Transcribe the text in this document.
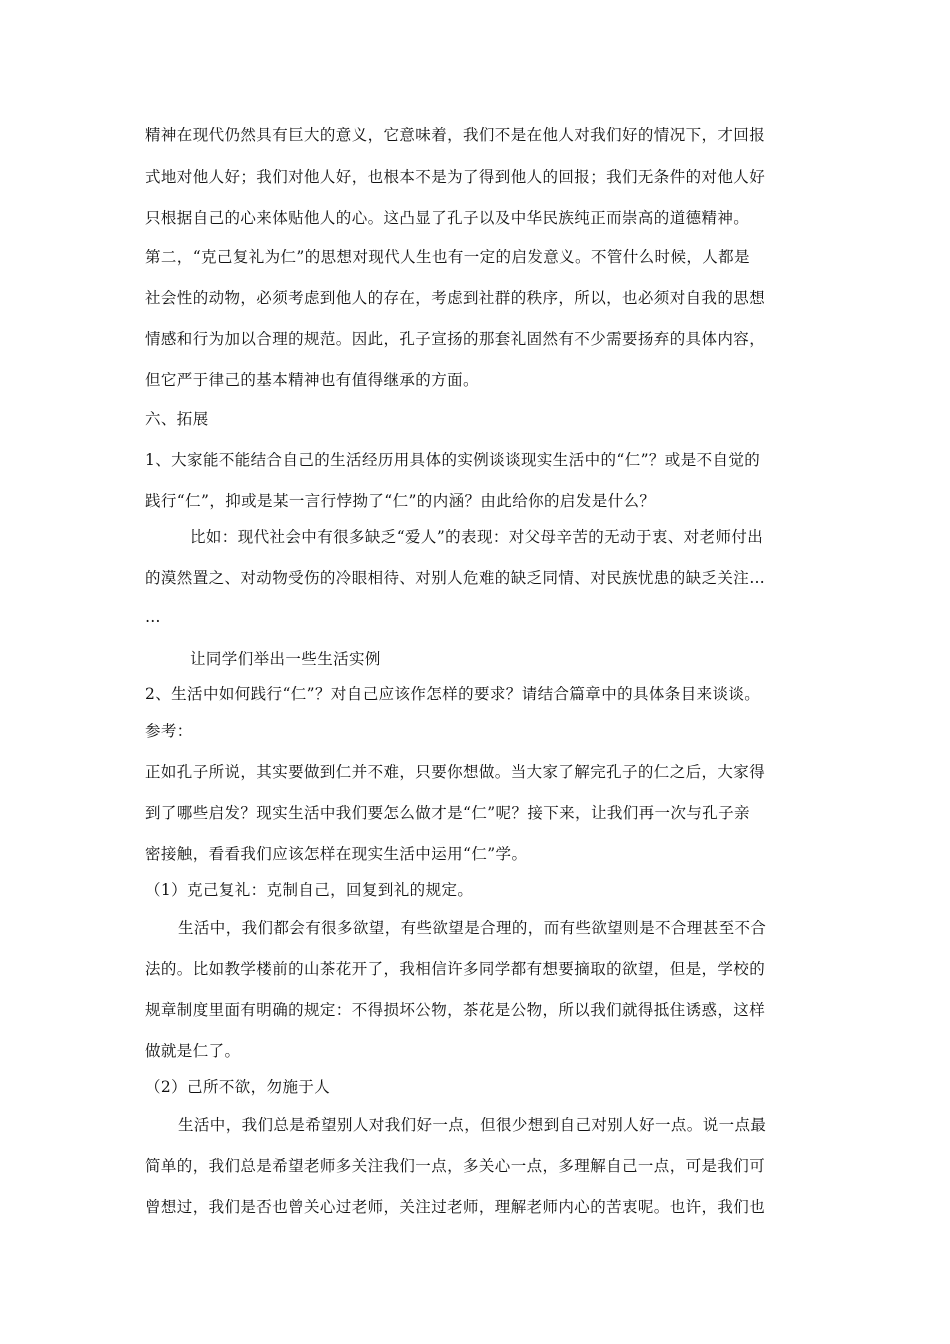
精神在现代仍然具有巨大的意义，它意味着，我们不是在他人对我们好的情况下，才回报
式地对他人好；我们对他人好，也根本不是为了得到他人的回报；我们无条件的对他人好
只根据自己的心来体贴他人的心。这凸显了孔子以及中华民族纯正而崇高的道德精神。
第二，“克己复礼为仁”的思想对现代人生也有一定的启发意义。不管什么时候，人都是
社会性的动物，必须考虑到他人的存在，考虑到社群的秩序，所以，也必须对自我的思想
情感和行为加以合理的规范。因此，孔子宣扬的那套礼固然有不少需要扬弃的具体内容，
但它严于律己的基本精神也有值得继承的方面。
六、拓展
1、大家能不能结合自己的生活经历用具体的实例谈谈现实生活中的“仁”？或是不自觉的
践行“仁”，抑或是某一言行悖拗了“仁”的内涵？由此给你的启发是什么？
比如：现代社会中有很多缺乏“爱人”的表现：对父母辛苦的无动于衷、对老师付出
的漠然置之、对动物受伤的冷眼相待、对别人危难的缺乏同情、对民族忧患的缺乏关注…
…
让同学们举出一些生活实例
2、生活中如何践行“仁”？对自己应该作怎样的要求？请结合篇章中的具体条目来谈谈。
参考：
正如孔子所说，其实要做到仁并不难，只要你想做。当大家了解完孔子的仁之后，大家得
到了哪些启发？现实生活中我们要怎么做才是“仁”呢？接下来，让我们再一次与孔子亲
密接触，看看我们应该怎样在现实生活中运用“仁”学。
（1）克己复礼：克制自己，回复到礼的规定。
生活中，我们都会有很多欲望，有些欲望是合理的，而有些欲望则是不合理甚至不合
法的。比如教学楼前的山茶花开了，我相信许多同学都有想要摘取的欲望，但是，学校的
规章制度里面有明确的规定：不得损坏公物，茶花是公物，所以我们就得抵住诱惑，这样
做就是仁了。
（2）己所不欲，勿施于人
生活中，我们总是希望别人对我们好一点，但很少想到自己对别人好一点。说一点最
简单的，我们总是希望老师多关注我们一点，多关心一点，多理解自己一点，可是我们可
曾想过，我们是否也曾关心过老师，关注过老师，理解老师内心的苦衷呢。也许，我们也
